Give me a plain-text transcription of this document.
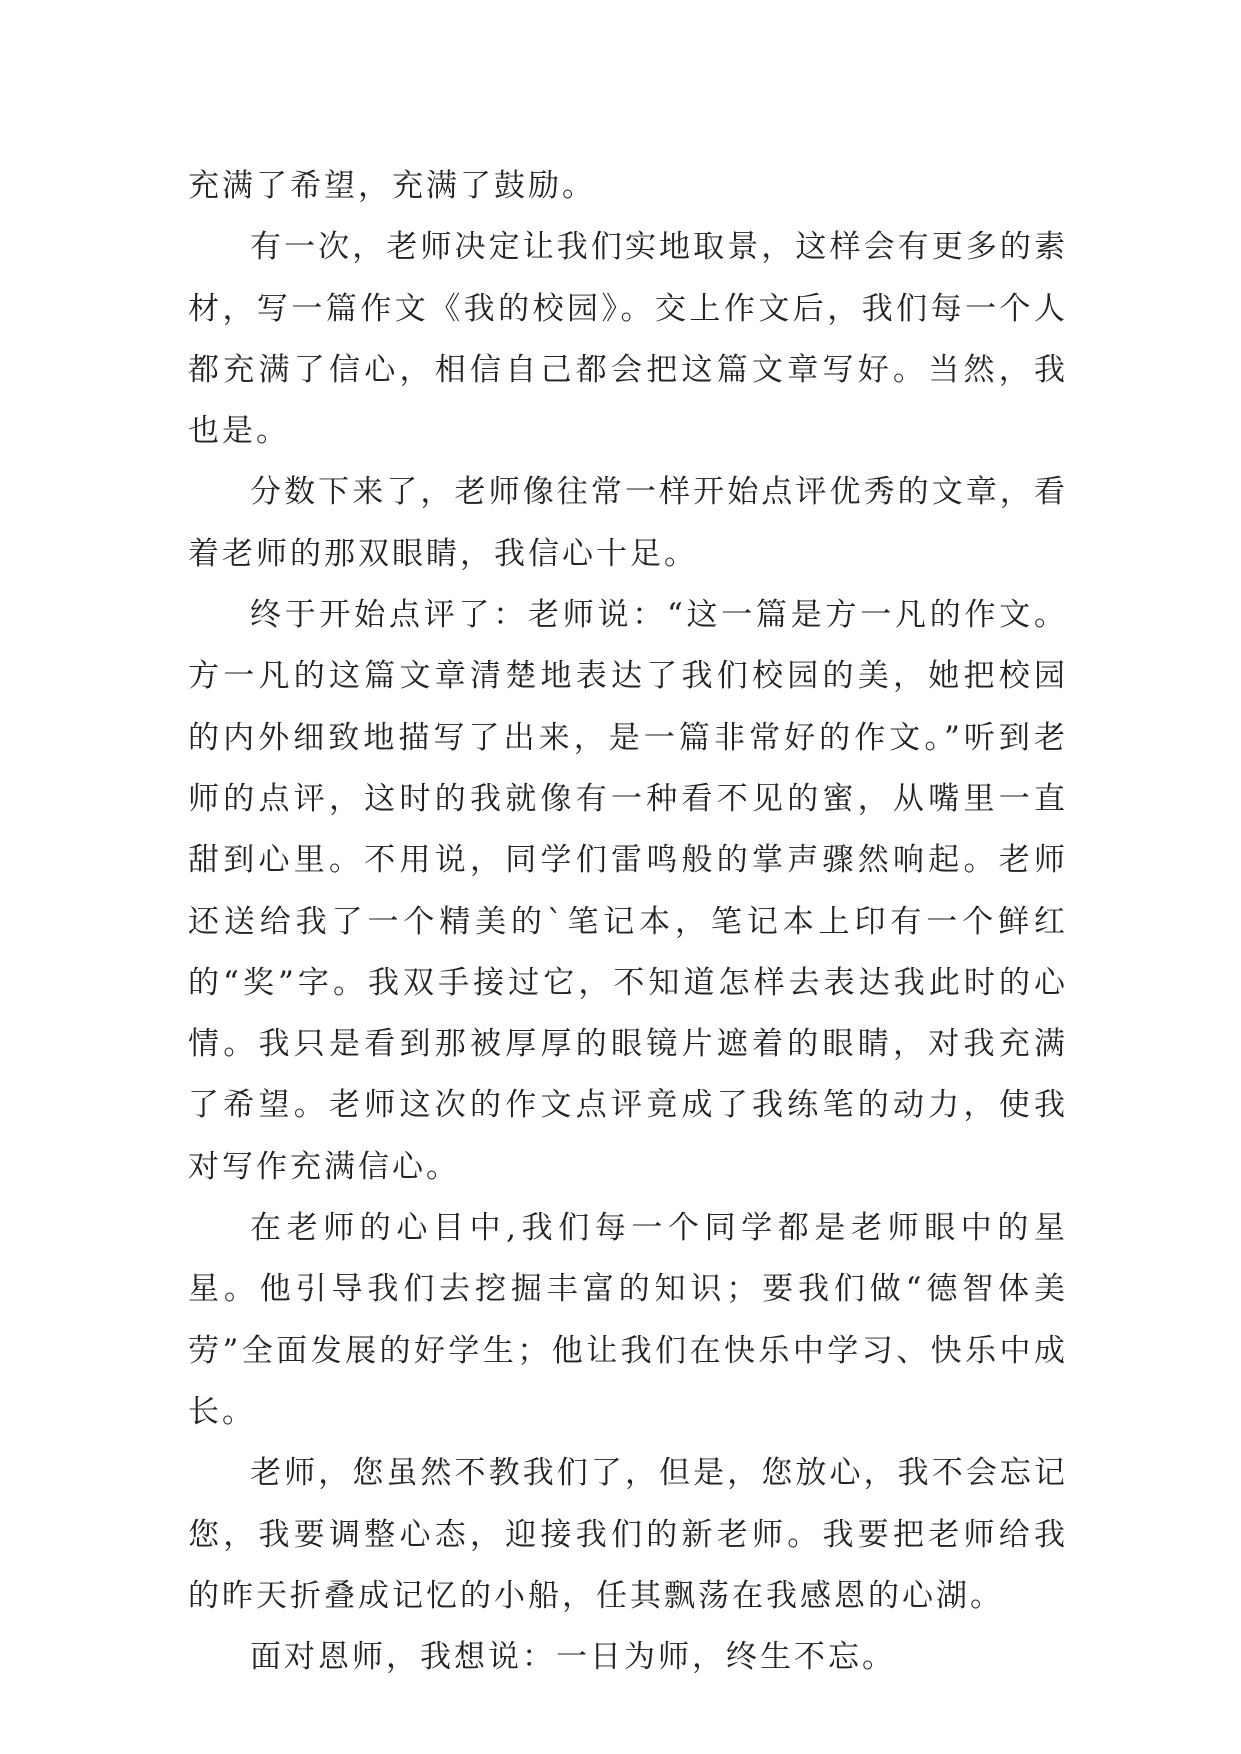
充满了希望，充满了鼓励。

有一次，老师决定让我们实地取景，这样会有更多的素材，写一篇作文《我的校园》。交上作文后，我们每一个人都充满了信心，相信自己都会把这篇文章写好。当然，我也是。

分数下来了，老师像往常一样开始点评优秀的文章，看着老师的那双眼睛，我信心十足。

终于开始点评了：老师说：“这一篇是方一凡的作文。方一凡的这篇文章清楚地表达了我们校园的美，她把校园的内外细致地描写了出来，是一篇非常好的作文。”听到老师的点评，这时的我就像有一种看不见的蜜，从嘴里一直甜到心里。不用说，同学们雷鸣般的掌声骤然响起。老师还送给我了一个精美的`笔记本，笔记本上印有一个鲜红的“奖”字。我双手接过它，不知道怎样去表达我此时的心情。我只是看到那被厚厚的眼镜片遮着的眼睛，对我充满了希望。老师这次的作文点评竟成了我练笔的动力，使我对写作充满信心。

在老师的心目中,我们每一个同学都是老师眼中的星星。他引导我们去挖掘丰富的知识；要我们做“德智体美劳”全面发展的好学生；他让我们在快乐中学习、快乐中成长。

老师，您虽然不教我们了，但是，您放心，我不会忘记您，我要调整心态，迎接我们的新老师。我要把老师给我的昨天折叠成记忆的小船，任其飘荡在我感恩的心湖。

面对恩师，我想说：一日为师，终生不忘。
